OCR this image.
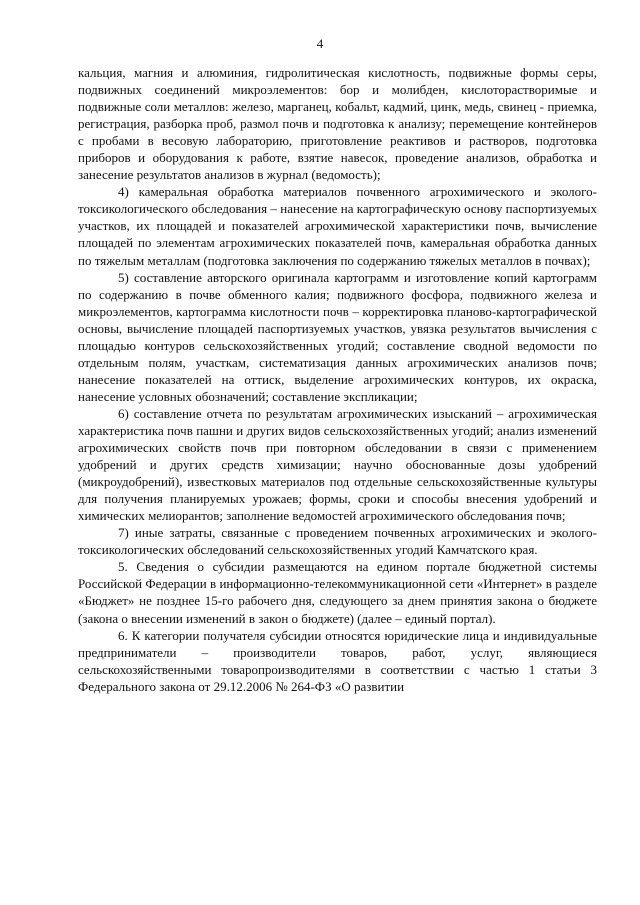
4

кальция, магния и алюминия, гидролитическая кислотность, подвижные формы серы, подвижных соединений микроэлементов: бор и молибден, кислоторастворимые и подвижные соли металлов: железо, марганец, кобальт, кадмий, цинк, медь, свинец - приемка, регистрация, разборка проб, размол почв и подготовка к анализу; перемещение контейнеров с пробами в весовую лабораторию, приготовление реактивов и растворов, подготовка приборов и оборудования к работе, взятие навесок, проведение анализов, обработка и занесение результатов анализов в журнал (ведомость);

4) камеральная обработка материалов почвенного агрохимического и эколого-токсикологического обследования – нанесение на картографическую основу паспортизуемых участков, их площадей и показателей агрохимической характеристики почв, вычисление площадей по элементам агрохимических показателей почв, камеральная обработка данных по тяжелым металлам (подготовка заключения по содержанию тяжелых металлов в почвах);

5) составление авторского оригинала картограмм и изготовление копий картограмм по содержанию в почве обменного калия; подвижного фосфора, подвижного железа и микроэлементов, картограмма кислотности почв – корректировка планово-картографической основы, вычисление площадей паспортизуемых участков, увязка результатов вычисления с площадью контуров сельскохозяйственных угодий; составление сводной ведомости по отдельным полям, участкам, систематизация данных агрохимических анализов почв; нанесение показателей на оттиск, выделение агрохимических контуров, их окраска, нанесение условных обозначений; составление экспликации;

6) составление отчета по результатам агрохимических изысканий – агрохимическая характеристика почв пашни и других видов сельскохозяйственных угодий; анализ изменений агрохимических свойств почв при повторном обследовании в связи с применением удобрений и других средств химизации; научно обоснованные дозы удобрений (микроудобрений), известковых материалов под отдельные сельскохозяйственные культуры для получения планируемых урожаев; формы, сроки и способы внесения удобрений и химических мелиорантов; заполнение ведомостей агрохимического обследования почв;

7) иные затраты, связанные с проведением почвенных агрохимических и эколого-токсикологических обследований сельскохозяйственных угодий Камчатского края.

5. Сведения о субсидии размещаются на едином портале бюджетной системы Российской Федерации в информационно-телекоммуникационной сети «Интернет» в разделе «Бюджет» не позднее 15-го рабочего дня, следующего за днем принятия закона о бюджете (закона о внесении изменений в закон о бюджете) (далее – единый портал).

6. К категории получателя субсидии относятся юридические лица и индивидуальные предприниматели – производители товаров, работ, услуг, являющиеся сельскохозяйственными товаропроизводителями в соответствии с частью 1 статьи 3 Федерального закона от 29.12.2006 № 264-ФЗ «О развитии
